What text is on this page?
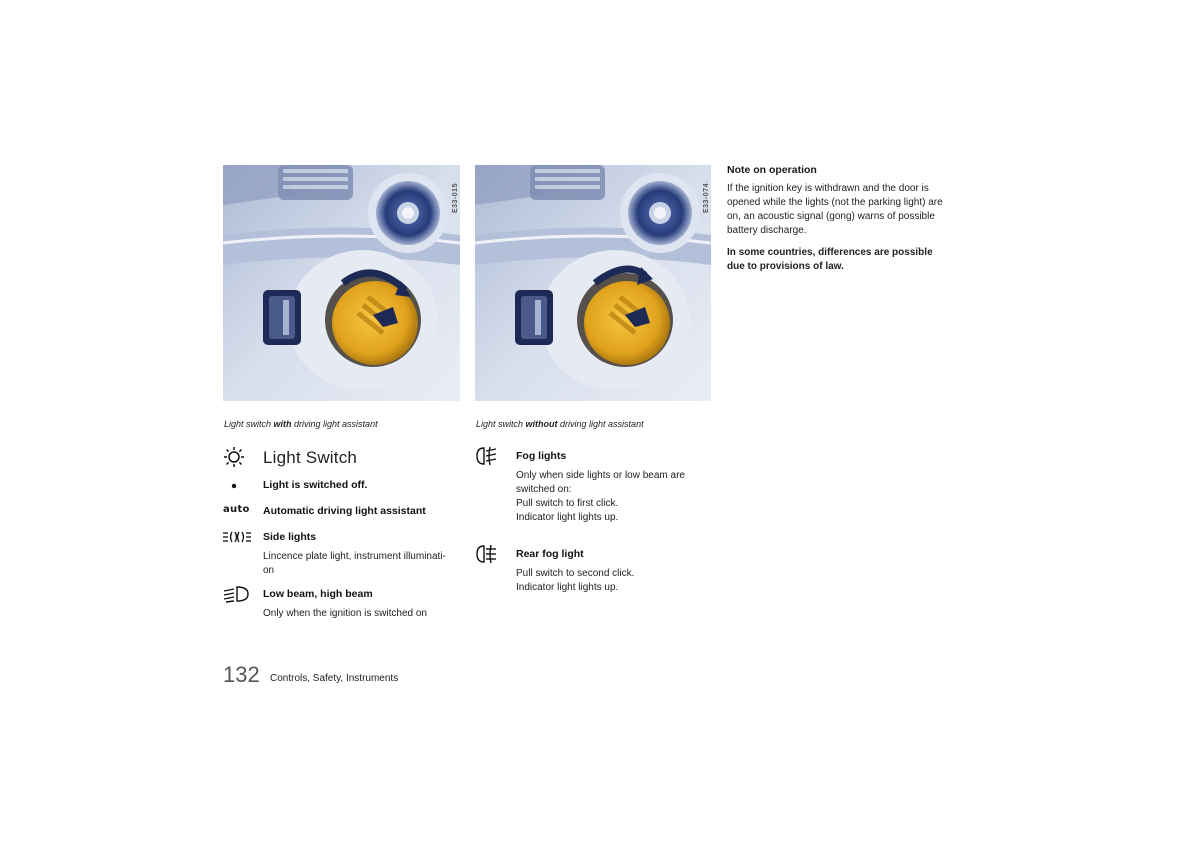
E33-015	E33-074
Light switch with driving light assistant	Light switch without driving light assistant
Light Switch
Light is switched off.
auto Automatic driving light assistant
Side lights
Lincence plate light, instrument illuminati-
on
Low beam, high beam
Only when the ignition is switched on
Fog lights
Only when side lights or low beam are
switched on:
Pull switch to first click.
Indicator light lights up.
Rear fog light
Pull switch to second click.
Indicator light lights up.
Note on operation
If the ignition key is withdrawn and the door is
opened while the lights (not the parking light) are
on, an acoustic signal (gong) warns of possible
battery discharge.
In some countries, differences are possible
due to provisions of law.
132 Controls, Safety, Instruments
